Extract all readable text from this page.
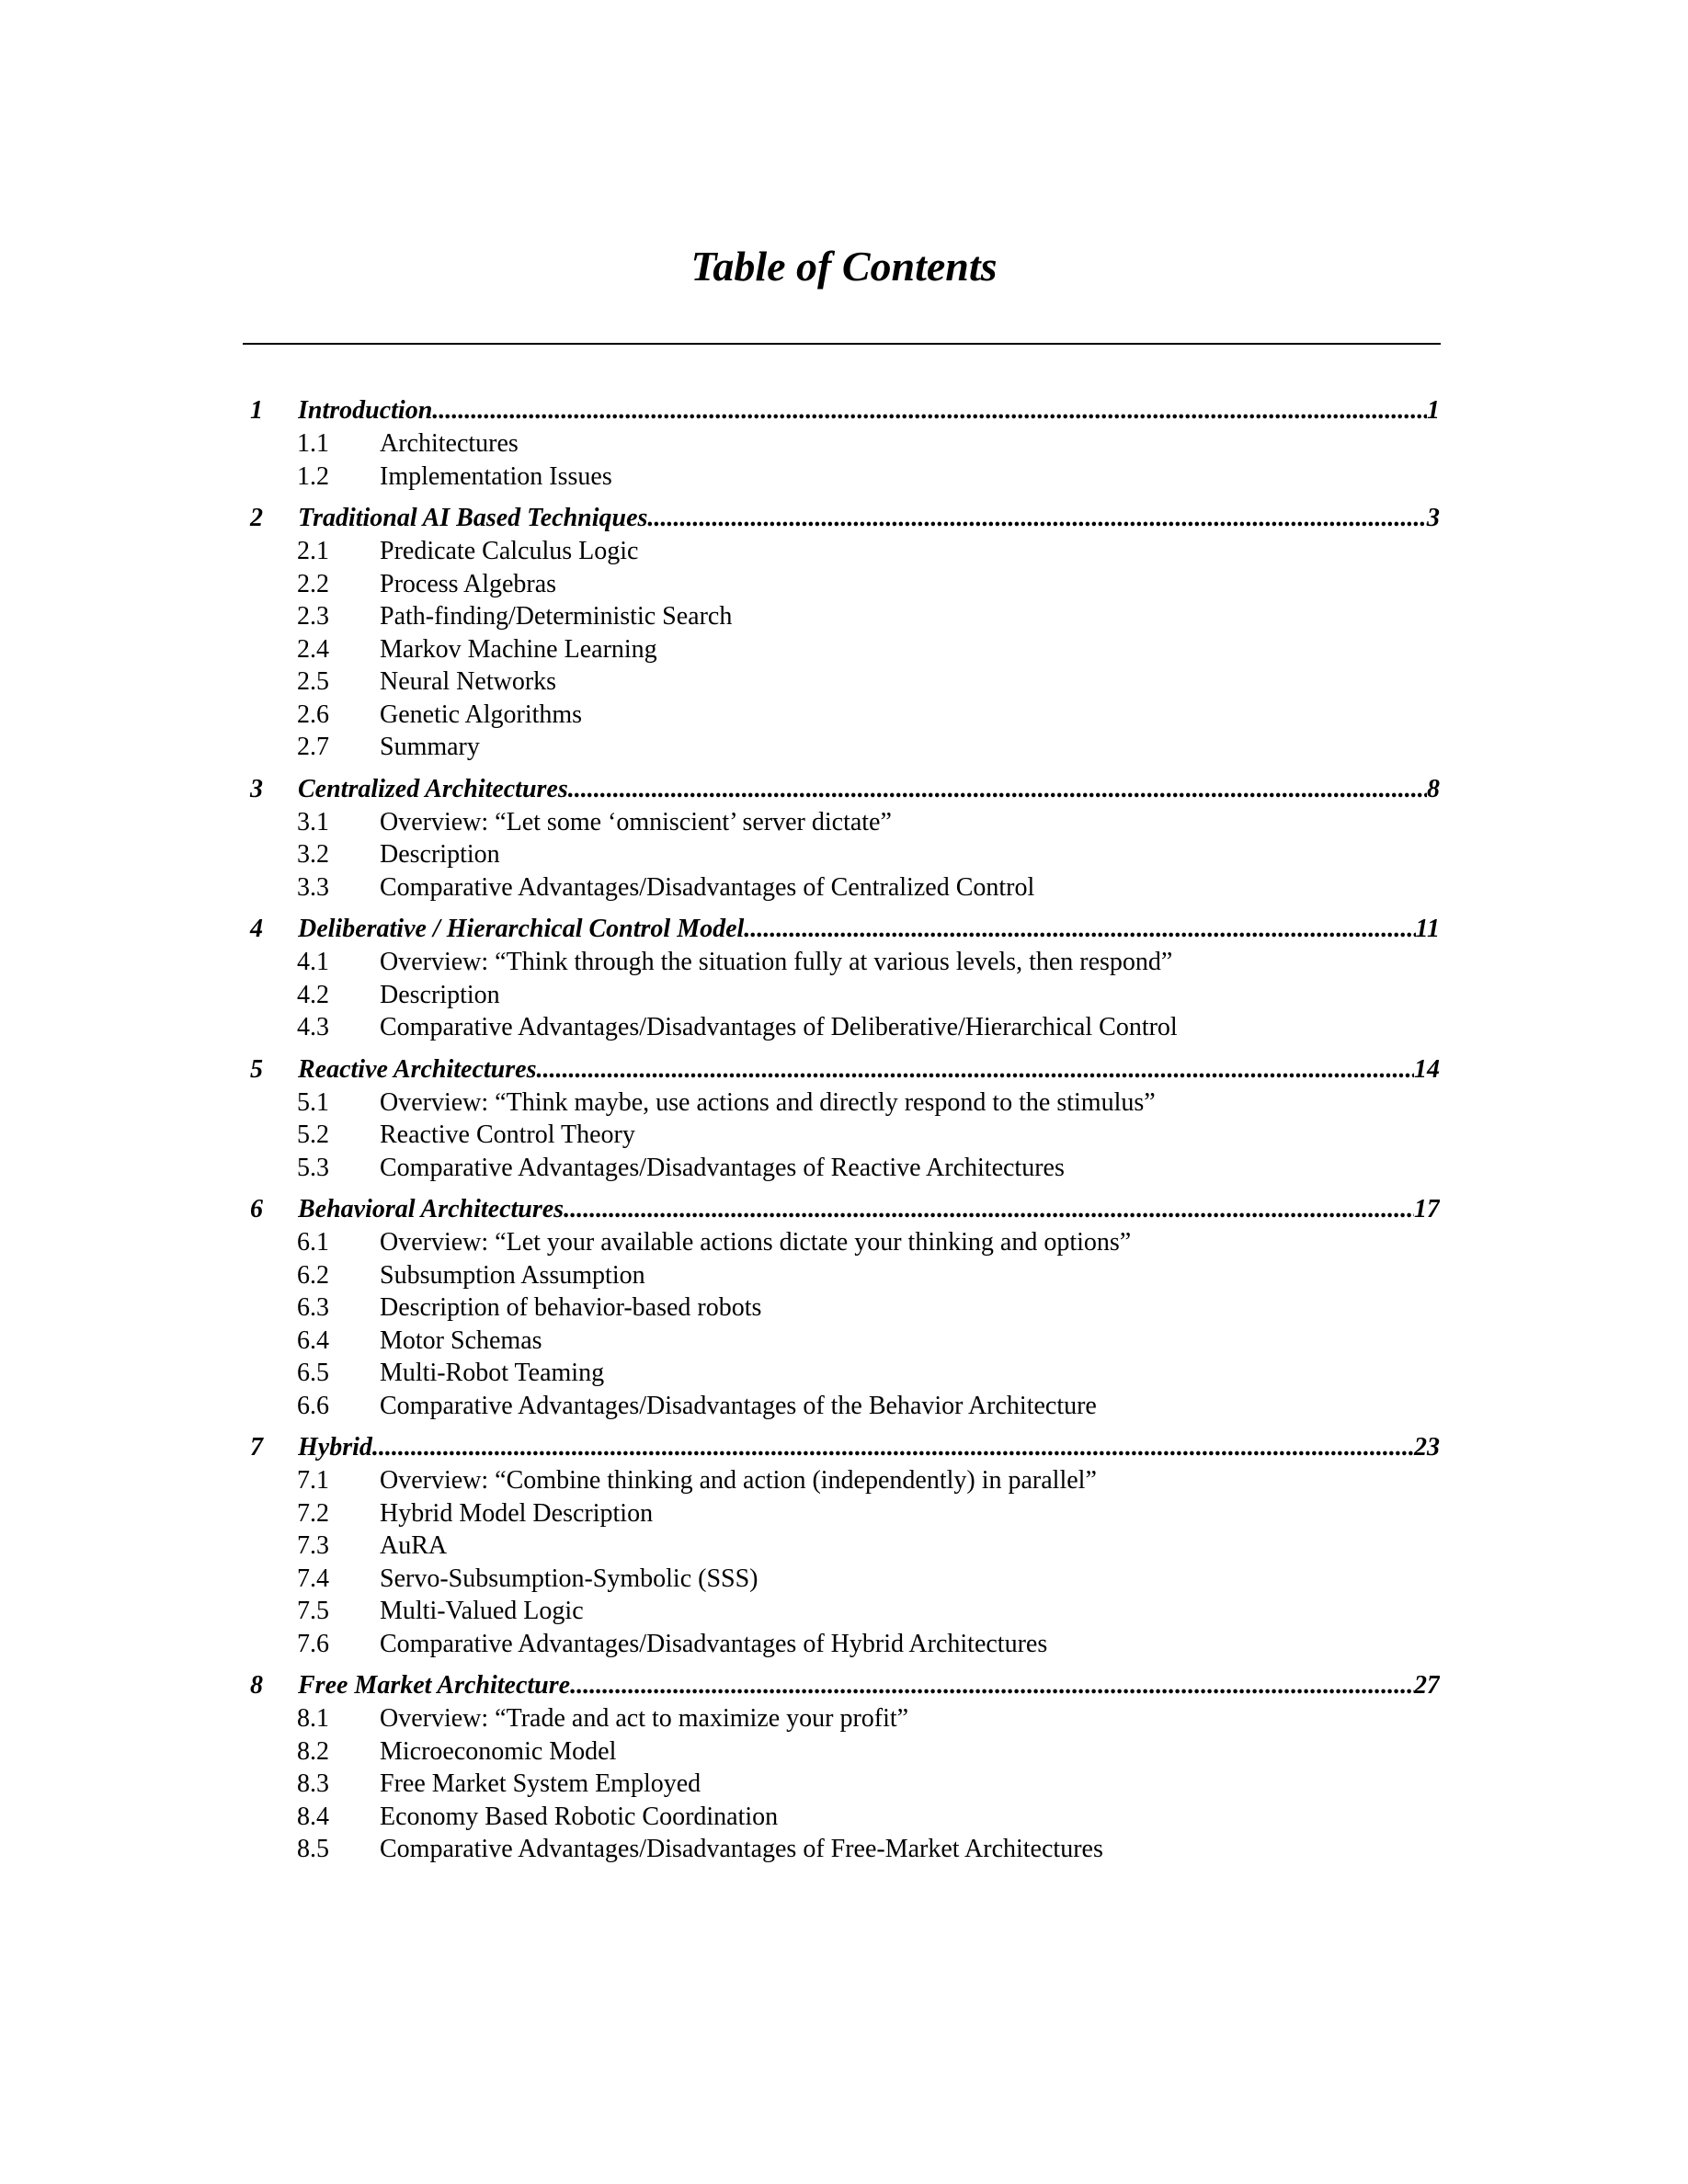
Table of Contents
1 Introduction .....	1
1.1 Architectures
1.2 Implementation Issues
2 Traditional AI Based Techniques .....	3
2.1 Predicate Calculus Logic
2.2 Process Algebras
2.3 Path-finding/Deterministic Search
2.4 Markov Machine Learning
2.5 Neural Networks
2.6 Genetic Algorithms
2.7 Summary
3 Centralized Architectures .....	8
3.1 Overview: “Let some ‘omniscient’ server dictate”
3.2 Description
3.3 Comparative Advantages/Disadvantages of Centralized Control
4 Deliberative / Hierarchical Control Model .....	11
4.1 Overview: “Think through the situation fully at various levels, then respond”
4.2 Description
4.3 Comparative Advantages/Disadvantages of Deliberative/Hierarchical Control
5 Reactive Architectures .....	14
5.1 Overview: “Think maybe, use actions and directly respond to the stimulus”
5.2 Reactive Control Theory
5.3 Comparative Advantages/Disadvantages of Reactive Architectures
6 Behavioral Architectures .....	17
6.1 Overview: “Let your available actions dictate your thinking and options”
6.2 Subsumption Assumption
6.3 Description of behavior-based robots
6.4 Motor Schemas
6.5 Multi-Robot Teaming
6.6 Comparative Advantages/Disadvantages of the Behavior Architecture
7 Hybrid .....	23
7.1 Overview: “Combine thinking and action (independently) in parallel”
7.2 Hybrid Model Description
7.3 AuRA
7.4 Servo-Subsumption-Symbolic (SSS)
7.5 Multi-Valued Logic
7.6 Comparative Advantages/Disadvantages of Hybrid Architectures
8 Free Market Architecture .....	27
8.1 Overview: “Trade and act to maximize your profit”
8.2 Microeconomic Model
8.3 Free Market System Employed
8.4 Economy Based Robotic Coordination
8.5 Comparative Advantages/Disadvantages of Free-Market Architectures
